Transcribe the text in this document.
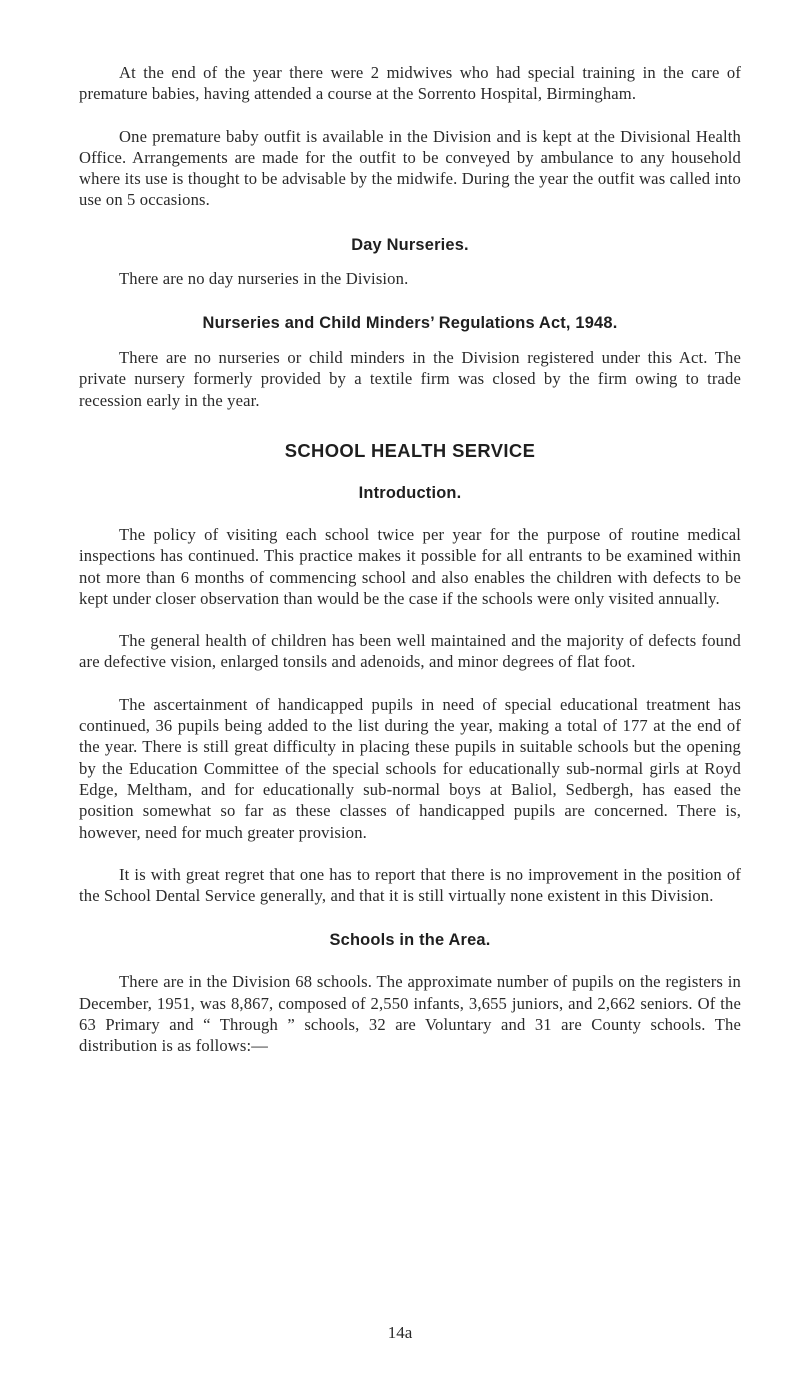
At the end of the year there were 2 midwives who had special training in the care of premature babies, having attended a course at the Sorrento Hospital, Birmingham.

One premature baby outfit is available in the Division and is kept at the Divisional Health Office. Arrangements are made for the outfit to be conveyed by ambulance to any household where its use is thought to be advisable by the midwife. During the year the outfit was called into use on 5 occasions.

Day Nurseries.

There are no day nurseries in the Division.

Nurseries and Child Minders’ Regulations Act, 1948.

There are no nurseries or child minders in the Division registered under this Act. The private nursery formerly provided by a textile firm was closed by the firm owing to trade recession early in the year.

SCHOOL HEALTH SERVICE
Introduction.

The policy of visiting each school twice per year for the purpose of routine medical inspections has continued. This practice makes it possible for all entrants to be examined within not more than 6 months of commencing school and also enables the children with defects to be kept under closer observation than would be the case if the schools were only visited annually.

The general health of children has been well maintained and the majority of defects found are defective vision, enlarged tonsils and adenoids, and minor degrees of flat foot.

The ascertainment of handicapped pupils in need of special educational treatment has continued, 36 pupils being added to the list during the year, making a total of 177 at the end of the year. There is still great difficulty in placing these pupils in suitable schools but the opening by the Education Committee of the special schools for educationally sub-normal girls at Royd Edge, Meltham, and for educationally sub-normal boys at Baliol, Sedbergh, has eased the position somewhat so far as these classes of handicapped pupils are concerned. There is, however, need for much greater provision.

It is with great regret that one has to report that there is no improvement in the position of the School Dental Service generally, and that it is still virtually none existent in this Division.

Schools in the Area.

There are in the Division 68 schools. The approximate number of pupils on the registers in December, 1951, was 8,867, composed of 2,550 infants, 3,655 juniors, and 2,662 seniors. Of the 63 Primary and “ Through ” schools, 32 are Voluntary and 31 are County schools. The distribution is as follows:—

14a
